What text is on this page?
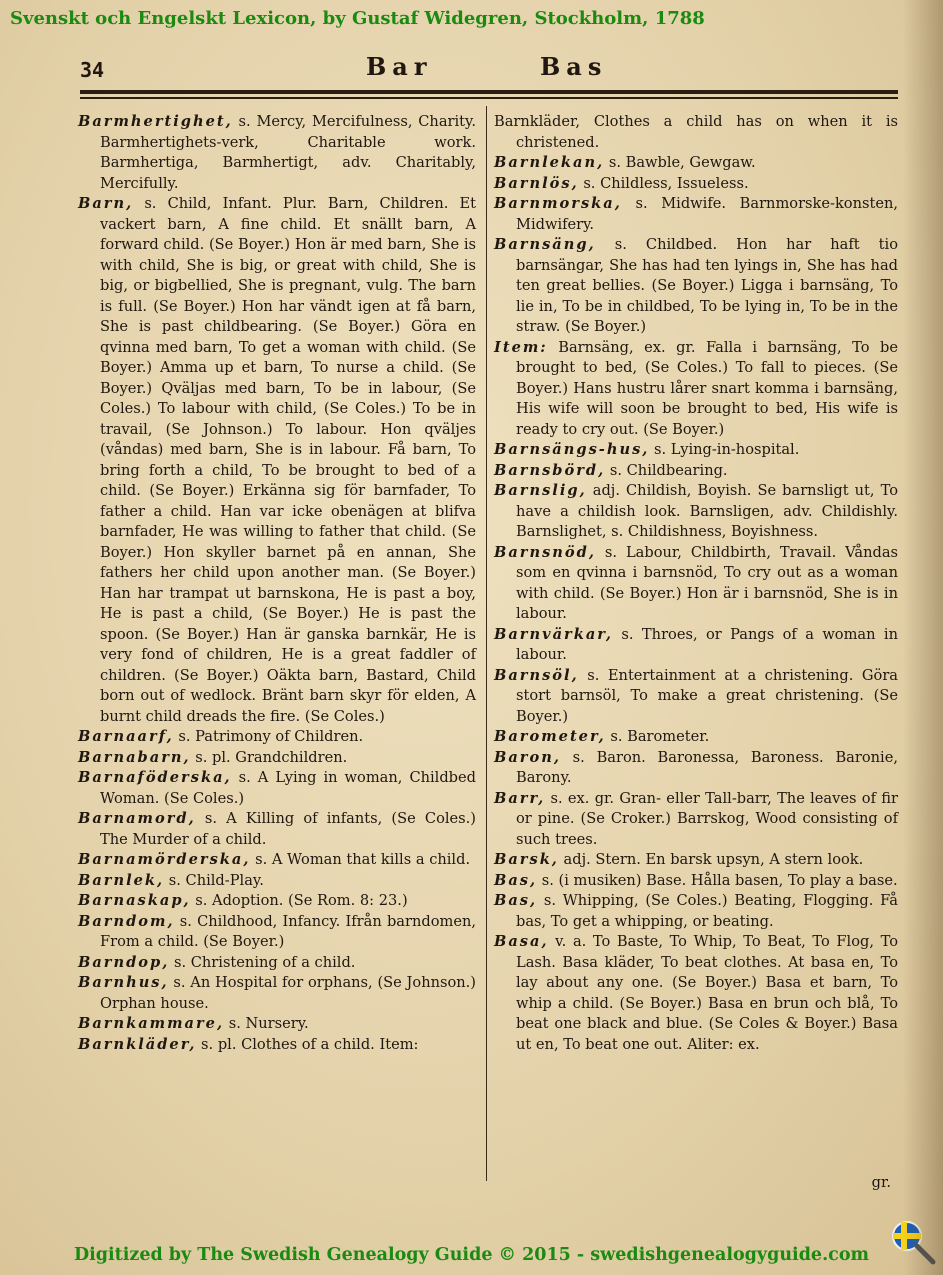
Svenskt och Engelskt Lexicon, by Gustaf Widegren, Stockholm, 1788
34	Bar	Bas

Barmhertighet, s. Mercy, Mercifulness, Charity. Barmhertighets-verk, Charitable work. Barmhertiga, Barmhertigt, adv. Charitably, Mercifully.

Barn, s. Child, Infant. Plur. Barn, Children. Et vackert barn, A fine child. Et snällt barn, A forward child. (Se Boyer.) Hon är med barn, She is with child, She is big, or great with child, She is big, or bigbellied, She is pregnant, vulg. The barn is full. (Se Boyer.) Hon har vändt igen at få barn, She is past childbearing. (Se Boyer.) Göra en qvinna med barn, To get a woman with child. (Se Boyer.) Amma up et barn, To nurse a child. (Se Boyer.) Qväljas med barn, To be in labour, (Se Coles.) To labour with child, (Se Coles.) To be in travail, (Se Johnson.) To labour. Hon qväljes (våndas) med barn, She is in labour. Få barn, To bring forth a child, To be brought to bed of a child. (Se Boyer.) Erkänna sig för barnfader, To father a child. Han var icke obenägen at blifva barnfader, He was willing to father that child. (Se Boyer.) Hon skyller barnet på en annan, She fathers her child upon another man. (Se Boyer.) Han har trampat ut barnskona, He is past a boy, He is past a child, (Se Boyer.) He is past the spoon. (Se Boyer.) Han är ganska barnkär, He is very fond of children, He is a great faddler of children. (Se Boyer.) Oäkta barn, Bastard, Child born out of wedlock. Bränt barn skyr för elden, A burnt child dreads the fire. (Se Coles.)

Barnaarf, s. Patrimony of Children.

Barnabarn, s. pl. Grandchildren.

Barnaföderska, s. A Lying in woman, Childbed Woman. (Se Coles.)

Barnamord, s. A Killing of infants, (Se Coles.) The Murder of a child.

Barnamörderska, s. A Woman that kills a child.

Barnlek, s. Child-Play.

Barnaskap, s. Adoption. (Se Rom. 8: 23.)

Barndom, s. Childhood, Infancy. Ifrån barndomen, From a child. (Se Boyer.)

Barndop, s. Christening of a child.

Barnhus, s. An Hospital for orphans, (Se Johnson.) Orphan house.

Barnkammare, s. Nursery.

Barnkläder, s. pl. Clothes of a child. Item:

Barnkläder, Clothes a child has on when it is christened.

Barnlekan, s. Bawble, Gewgaw.

Barnlös, s. Childless, Issueless.

Barnmorska, s. Midwife. Barnmorske-konsten, Midwifery.

Barnsäng, s. Childbed. Hon har haft tio barnsängar, She has had ten lyings in, She has had ten great bellies. (Se Boyer.) Ligga i barnsäng, To lie in, To be in childbed, To be lying in, To be in the straw. (Se Boyer.)

Item: Barnsäng, ex. gr. Falla i barnsäng, To be brought to bed, (Se Coles.) To fall to pieces. (Se Boyer.) Hans hustru lårer snart komma i barnsäng, His wife will soon be brought to bed, His wife is ready to cry out. (Se Boyer.)

Barnsängs-hus, s. Lying-in-hospital.

Barnsbörd, s. Childbearing.

Barnslig, adj. Childish, Boyish. Se barnsligt ut, To have a childish look. Barnsligen, adv. Childishly. Barnslighet, s. Childishness, Boyishness.

Barnsnöd, s. Labour, Childbirth, Travail. Våndas som en qvinna i barnsnöd, To cry out as a woman with child. (Se Boyer.) Hon är i barnsnöd, She is in labour.

Barnvärkar, s. Throes, or Pangs of a woman in labour.

Barnsöl, s. Entertainment at a christening. Göra stort barnsöl, To make a great christening. (Se Boyer.)

Barometer, s. Barometer.

Baron, s. Baron. Baronessa, Baroness. Baronie, Barony.

Barr, s. ex. gr. Gran- eller Tall-barr, The leaves of fir or pine. (Se Croker.) Barrskog, Wood consisting of such trees.

Barsk, adj. Stern. En barsk upsyn, A stern look.

Bas, s. (i musiken) Base. Hålla basen, To play a base.

Bas, s. Whipping, (Se Coles.) Beating, Flogging. Få bas, To get a whipping, or beating.

Basa, v. a. To Baste, To Whip, To Beat, To Flog, To Lash. Basa kläder, To beat clothes. At basa en, To lay about any one. (Se Boyer.) Basa et barn, To whip a child. (Se Boyer.) Basa en brun och blå, To beat one black and blue. (Se Coles & Boyer.) Basa ut en, To beat one out. Aliter: ex.

gr.
Digitized by The Swedish Genealogy Guide © 2015 - swedishgenealogyguide.com
